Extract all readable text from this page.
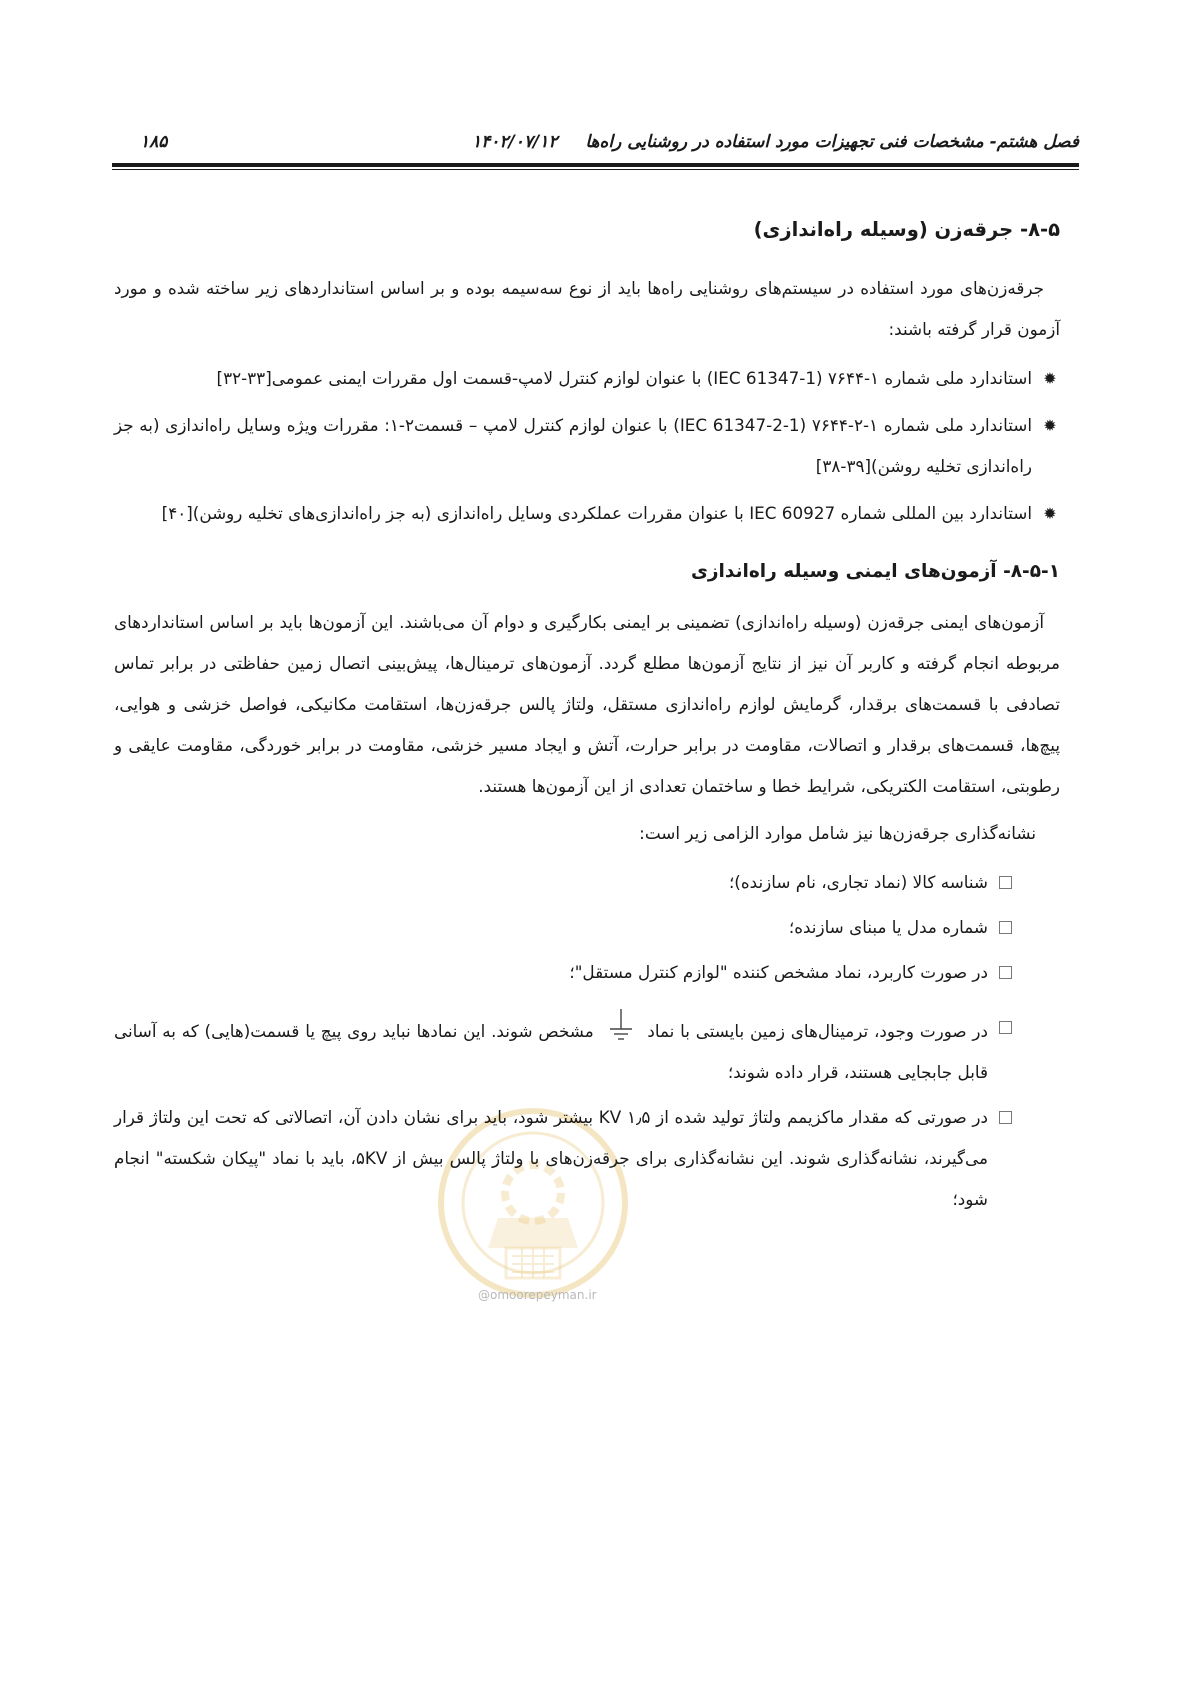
فصل هشتم- مشخصات فنی تجهیزات مورد استفاده در روشنایی راه‌ها
۱۴۰۲/۰۷/۱۲
۱۸۵
@omoorepeyman.ir
۸-۵- جرقه‌زن (وسیله راه‌اندازی)

جرقه‌زن‌های مورد استفاده در سیستم‌های روشنایی راه‌ها باید از نوع سه‌سیمه بوده و بر اساس استانداردهای زیر ساخته شده و مورد آزمون قرار گرفته باشند:

✹
استاندارد ملی شماره ۱-۷۶۴۴ (IEC 61347-1) با عنوان لوازم کنترل لامپ-قسمت اول مقررات ایمنی عمومی[۳۳-۳۲]
✹
استاندارد ملی شماره ۱-۲-۷۶۴۴ (IEC 61347-2-1) با عنوان لوازم کنترل لامپ – قسمت۲-۱: مقررات ویژه وسایل راه‌اندازی (به جز راه‌اندازی تخلیه روشن)[۳۹-۳۸]
✹
استاندارد بین المللی شماره IEC 60927 با عنوان مقررات عملکردی وسایل راه‌اندازی (به جز راه‌اندازی‌های تخلیه روشن)[۴۰]
۸-۵-۱- آزمون‌های ایمنی وسیله راه‌اندازی

آزمون‌های ایمنی جرقه‌زن (وسیله راه‌اندازی) تضمینی بر ایمنی بکارگیری و دوام آن می‌باشند. این آزمون‌ها باید بر اساس استانداردهای مربوطه انجام گرفته و کاربر آن نیز از نتایج آزمون‌ها مطلع گردد. آزمون‌های ترمینال‌ها، پیش‌بینی اتصال زمین حفاظتی در برابر تماس تصادفی با قسمت‌های برقدار، گرمایش لوازم راه‌اندازی مستقل، ولتاژ پالس جرقه‌زن‌ها، استقامت مکانیکی، فواصل خزشی و هوایی، پیچ‌ها، قسمت‌های برقدار و اتصالات، مقاومت در برابر حرارت، آتش و ایجاد مسیر خزشی، مقاومت در برابر خوردگی، مقاومت عایقی و رطوبتی، استقامت الکتریکی، شرایط خطا و ساختمان تعدادی از این آزمون‌ها هستند.

نشانه‌گذاری جرقه‌زن‌ها نیز شامل موارد الزامی زیر است:
شناسه کالا (نماد تجاری، نام سازنده)؛
شماره مدل یا مبنای سازنده؛
در صورت کاربرد، نماد مشخص کننده "لوازم کنترل مستقل"؛
در صورت وجود، ترمینال‌های زمین بایستی با نماد  مشخص شوند. این نمادها نباید روی پیچ یا قسمت(هایی) که به آسانی قابل جابجایی هستند، قرار داده شوند؛
در صورتی که مقدار ماکزیمم ولتاژ تولید شده از ۱٫۵ KV بیشتر شود، باید برای نشان دادن آن، اتصالاتی که تحت این ولتاژ قرار می‌گیرند، نشانه‌گذاری شوند. این نشانه‌گذاری برای جرقه‌زن‌های با ولتاژ پالس بیش از ۵KV، باید با نماد "پیکان شکسته" انجام شود؛
